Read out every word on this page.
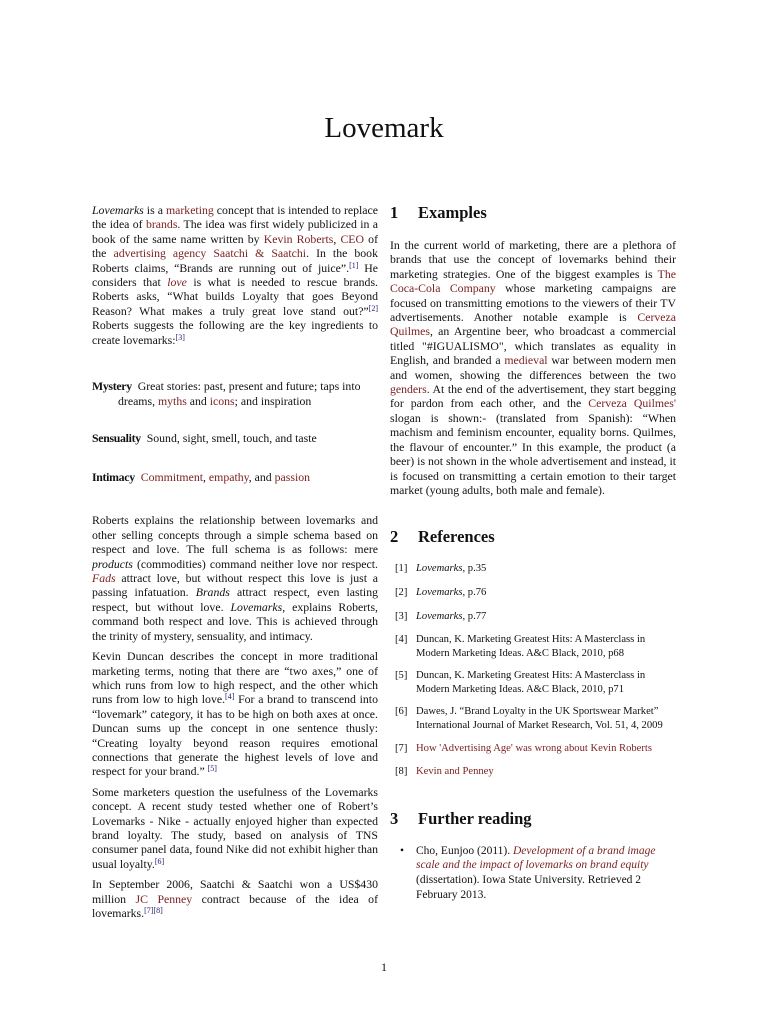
Lovemark

Lovemarks is a marketing concept that is intended to replace the idea of brands. The idea was first widely publicized in a book of the same name written by Kevin Roberts, CEO of the advertising agency Saatchi & Saatchi. In the book Roberts claims, “Brands are running out of juice”.[1] He considers that love is what is needed to rescue brands. Roberts asks, “What builds Loyalty that goes Beyond Reason? What makes a truly great love stand out?”[2] Roberts suggests the following are the key ingredients to create lovemarks:[3]

Mystery Great stories: past, present and future; taps into dreams, myths and icons; and inspiration
Sensuality Sound, sight, smell, touch, and taste
Intimacy Commitment, empathy, and passion

Roberts explains the relationship between lovemarks and other selling concepts through a simple schema based on respect and love. The full schema is as follows: mere products (commodities) command neither love nor respect. Fads attract love, but without respect this love is just a passing infatuation. Brands attract respect, even lasting respect, but without love. Lovemarks, explains Roberts, command both respect and love. This is achieved through the trinity of mystery, sensuality, and intimacy.

Kevin Duncan describes the concept in more traditional marketing terms, noting that there are “two axes,” one of which runs from low to high respect, and the other which runs from low to high love.[4] For a brand to transcend into “lovemark” category, it has to be high on both axes at once. Duncan sums up the concept in one sentence thusly: “Creating loyalty beyond reason requires emotional connections that generate the highest levels of love and respect for your brand.” [5]

Some marketers question the usefulness of the Lovemarks concept. A recent study tested whether one of Robert’s Lovemarks - Nike - actually enjoyed higher than expected brand loyalty. The study, based on analysis of TNS consumer panel data, found Nike did not exhibit higher than usual loyalty.[6]

In September 2006, Saatchi & Saatchi won a US$430 million JC Penney contract because of the idea of lovemarks.[7][8]

1 Examples

In the current world of marketing, there are a plethora of brands that use the concept of lovemarks behind their marketing strategies. One of the biggest examples is The Coca-Cola Company whose marketing campaigns are focused on transmitting emotions to the viewers of their TV advertisements. Another notable example is Cerveza Quilmes, an Argentine beer, who broadcast a commercial titled "#IGUALISMO", which translates as equality in English, and branded a medieval war between modern men and women, showing the differences between the two genders. At the end of the advertisement, they start begging for pardon from each other, and the Cerveza Quilmes' slogan is shown:- (translated from Spanish): “When machism and feminism encounter, equality borns. Quilmes, the flavour of encounter.” In this example, the product (a beer) is not shown in the whole advertisement and instead, it is focused on transmitting a certain emotion to their target market (young adults, both male and female).

2 References
[1] Lovemarks, p.35
[2] Lovemarks, p.76
[3] Lovemarks, p.77
[4] Duncan, K. Marketing Greatest Hits: A Masterclass in Modern Marketing Ideas. A&C Black, 2010, p68
[5] Duncan, K. Marketing Greatest Hits: A Masterclass in Modern Marketing Ideas. A&C Black, 2010, p71
[6] Dawes, J. “Brand Loyalty in the UK Sportswear Market” International Journal of Market Research, Vol. 51, 4, 2009
[7] How 'Advertising Age' was wrong about Kevin Roberts
[8] Kevin and Penney
3 Further reading
• Cho, Eunjoo (2011). Development of a brand image scale and the impact of lovemarks on brand equity (dissertation). Iowa State University. Retrieved 2 February 2013.
1
